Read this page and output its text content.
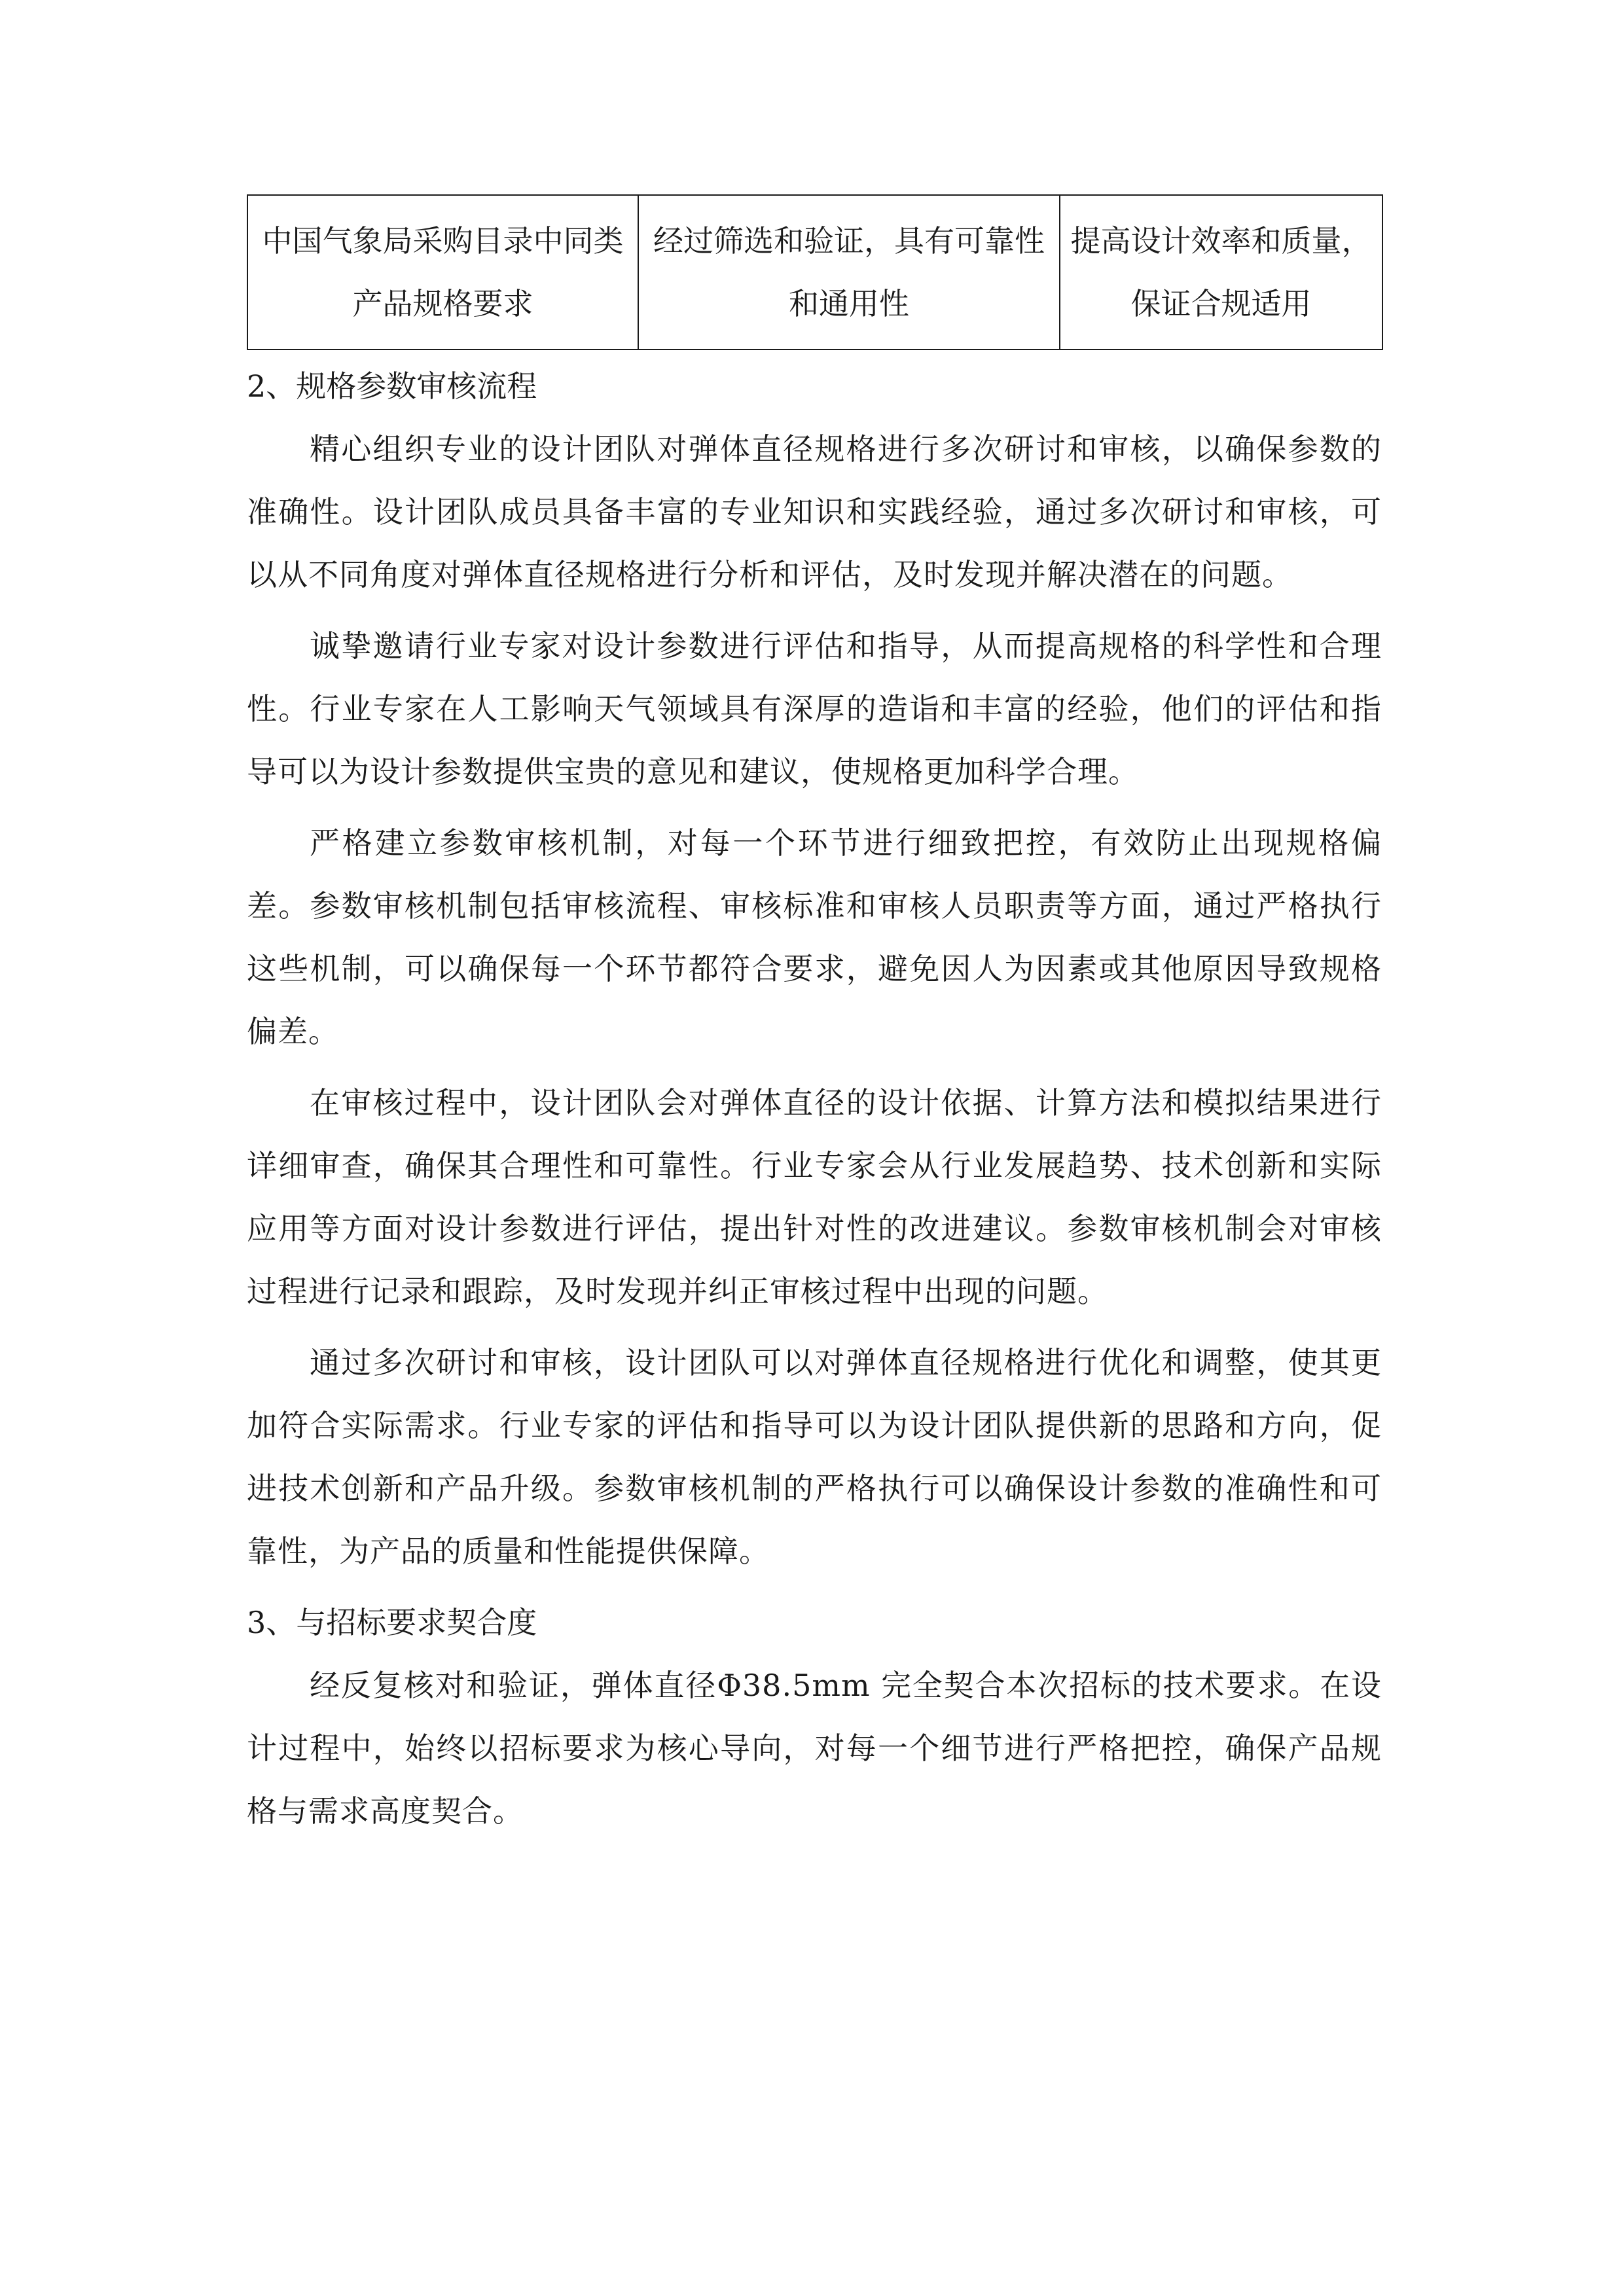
中国气象局采购目录中同类产品规格要求	经过筛选和验证，具有可靠性和通用性	提高设计效率和质量，保证合规适用

2、规格参数审核流程

精心组织专业的设计团队对弹体直径规格进行多次研讨和审核，以确保参数的准确性。设计团队成员具备丰富的专业知识和实践经验，通过多次研讨和审核，可以从不同角度对弹体直径规格进行分析和评估，及时发现并解决潜在的问题。

诚挚邀请行业专家对设计参数进行评估和指导，从而提高规格的科学性和合理性。行业专家在人工影响天气领域具有深厚的造诣和丰富的经验，他们的评估和指导可以为设计参数提供宝贵的意见和建议，使规格更加科学合理。

严格建立参数审核机制，对每一个环节进行细致把控，有效防止出现规格偏差。参数审核机制包括审核流程、审核标准和审核人员职责等方面，通过严格执行这些机制，可以确保每一个环节都符合要求，避免因人为因素或其他原因导致规格偏差。

在审核过程中，设计团队会对弹体直径的设计依据、计算方法和模拟结果进行详细审查，确保其合理性和可靠性。行业专家会从行业发展趋势、技术创新和实际应用等方面对设计参数进行评估，提出针对性的改进建议。参数审核机制会对审核过程进行记录和跟踪，及时发现并纠正审核过程中出现的问题。

通过多次研讨和审核，设计团队可以对弹体直径规格进行优化和调整，使其更加符合实际需求。行业专家的评估和指导可以为设计团队提供新的思路和方向，促进技术创新和产品升级。参数审核机制的严格执行可以确保设计参数的准确性和可靠性，为产品的质量和性能提供保障。

3、与招标要求契合度

经反复核对和验证，弹体直径Φ38.5mm 完全契合本次招标的技术要求。在设计过程中，始终以招标要求为核心导向，对每一个细节进行严格把控，确保产品规格与需求高度契合。
